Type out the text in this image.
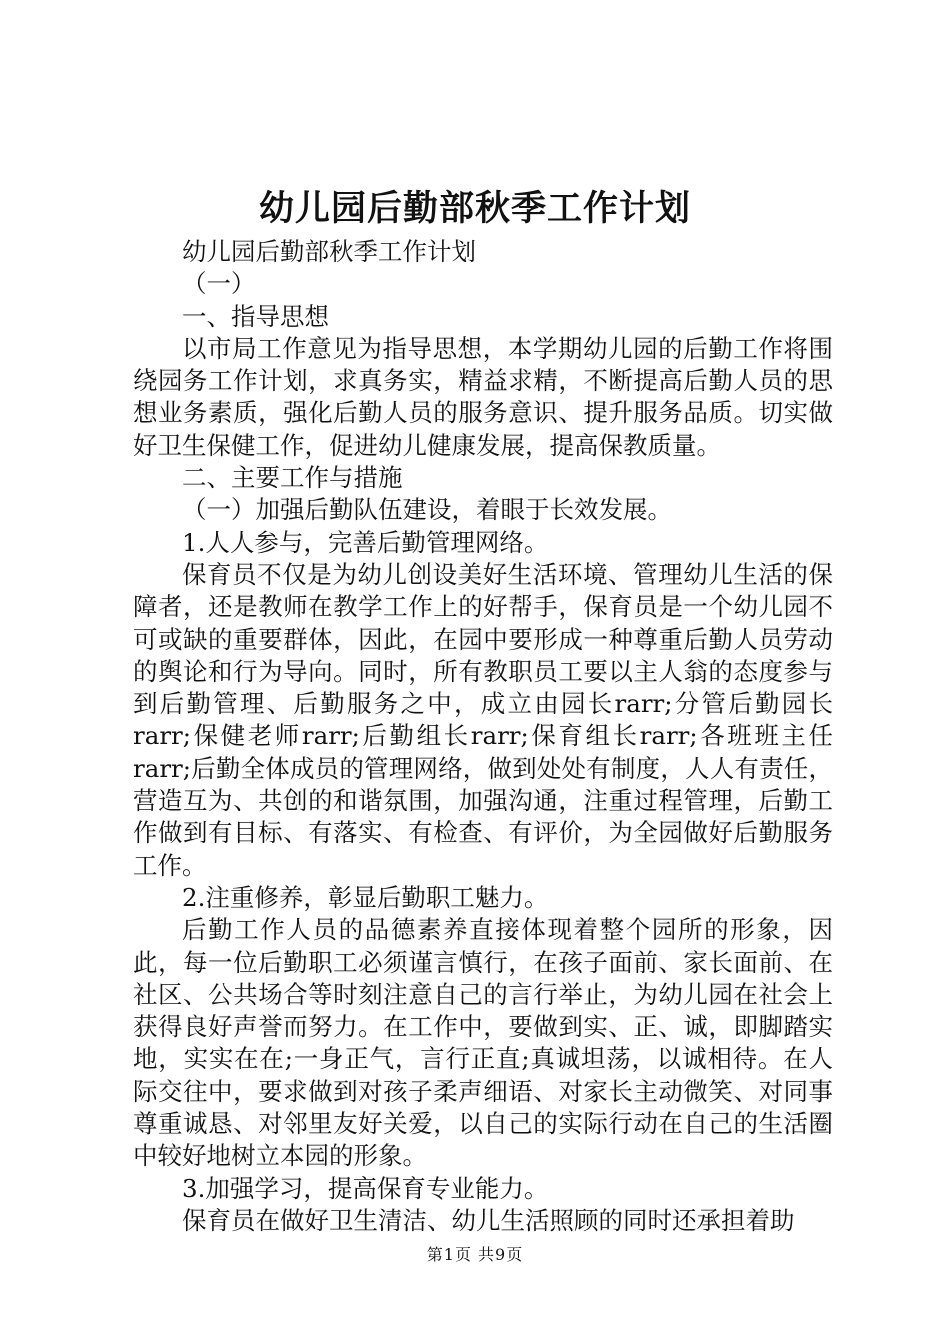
幼儿园后勤部秋季工作计划

幼儿园后勤部秋季工作计划

（一）

一、指导思想

以市局工作意见为指导思想，本学期幼儿园的后勤工作将围绕园务工作计划，求真务实，精益求精，不断提高后勤人员的思想业务素质，强化后勤人员的服务意识、提升服务品质。切实做好卫生保健工作，促进幼儿健康发展，提高保教质量。

二、主要工作与措施

（一）加强后勤队伍建设，着眼于长效发展。

1.人人参与，完善后勤管理网络。

保育员不仅是为幼儿创设美好生活环境、管理幼儿生活的保障者，还是教师在教学工作上的好帮手，保育员是一个幼儿园不可或缺的重要群体，因此，在园中要形成一种尊重后勤人员劳动的舆论和行为导向。同时，所有教职员工要以主人翁的态度参与到后勤管理、后勤服务之中，成立由园长rarr;分管后勤园长rarr;保健老师rarr;后勤组长rarr;保育组长rarr;各班班主任rarr;后勤全体成员的管理网络，做到处处有制度，人人有责任，营造互为、共创的和谐氛围，加强沟通，注重过程管理，后勤工作做到有目标、有落实、有检查、有评价，为全园做好后勤服务工作。

2.注重修养，彰显后勤职工魅力。

后勤工作人员的品德素养直接体现着整个园所的形象，因此，每一位后勤职工必须谨言慎行，在孩子面前、家长面前、在社区、公共场合等时刻注意自己的言行举止，为幼儿园在社会上获得良好声誉而努力。在工作中，要做到实、正、诚，即脚踏实地，实实在在;一身正气，言行正直;真诚坦荡，以诚相待。在人际交往中，要求做到对孩子柔声细语、对家长主动微笑、对同事尊重诚恳、对邻里友好关爱，以自己的实际行动在自己的生活圈中较好地树立本园的形象。

3.加强学习，提高保育专业能力。

保育员在做好卫生清洁、幼儿生活照顾的同时还承担着助

第1页 共9页
